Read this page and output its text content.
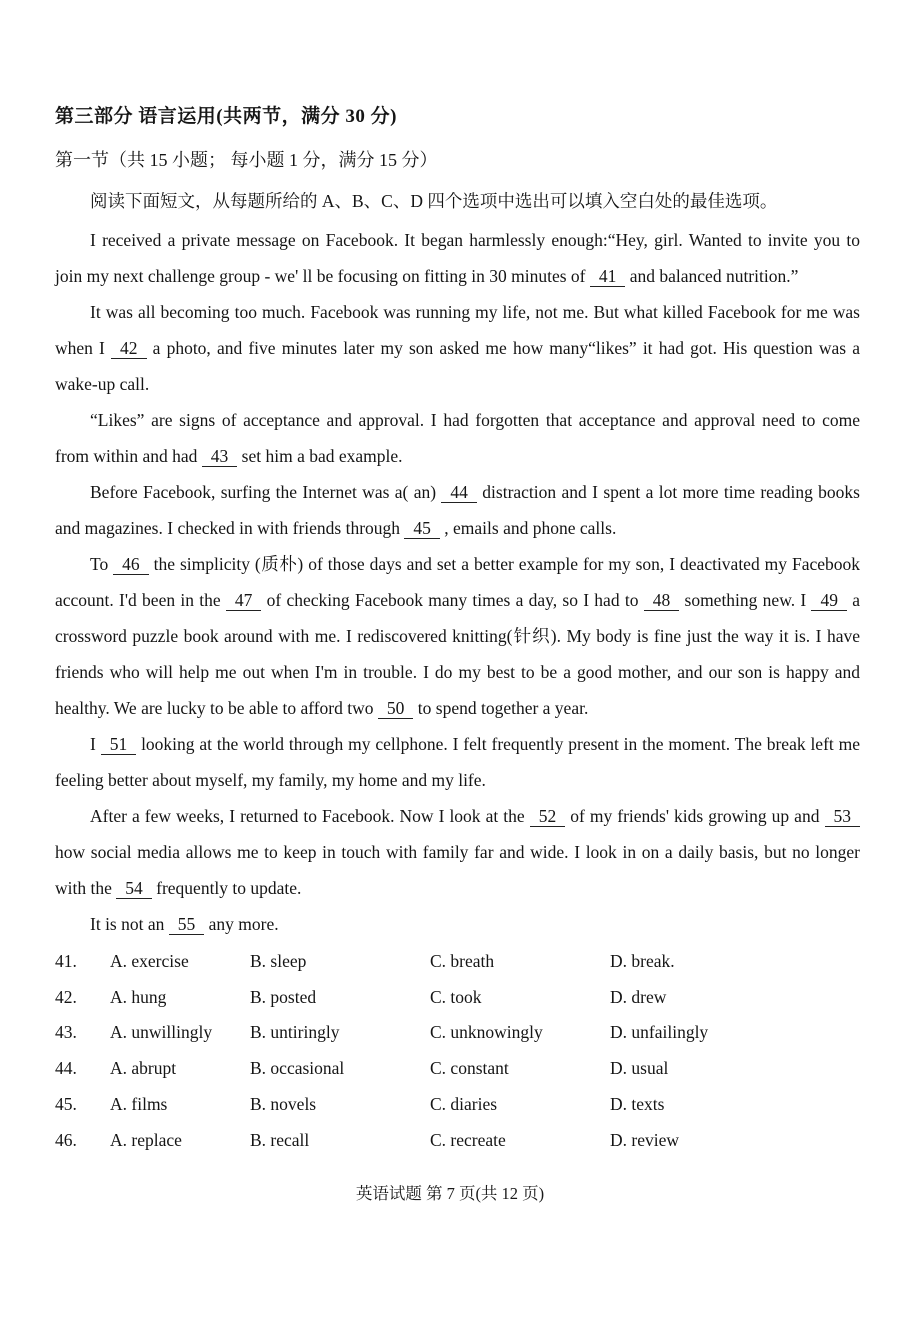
第三部分 语言运用(共两节，满分 30 分)
第一节（共 15 小题； 每小题 1 分，满分 15 分）
阅读下面短文，从每题所给的 A、B、C、D 四个选项中选出可以填入空白处的最佳选项。
I received a private message on Facebook. It began harmlessly enough:“Hey, girl. Wanted to invite you to join my next challenge group - we' ll be focusing on fitting in 30 minutes of 41 and balanced nutrition.”
It was all becoming too much. Facebook was running my life, not me. But what killed Facebook for me was when I 42 a photo, and five minutes later my son asked me how many“likes” it had got. His question was a wake-up call.
“Likes” are signs of acceptance and approval. I had forgotten that acceptance and approval need to come from within and had 43 set him a bad example.
Before Facebook, surfing the Internet was a( an) 44 distraction and I spent a lot more time reading books and magazines. I checked in with friends through 45 , emails and phone calls.
To 46 the simplicity (质朴) of those days and set a better example for my son, I deactivated my Facebook account. I'd been in the 47 of checking Facebook many times a day, so I had to 48 something new. I 49 a crossword puzzle book around with me. I rediscovered knitting(针织). My body is fine just the way it is. I have friends who will help me out when I'm in trouble. I do my best to be a good mother, and our son is happy and healthy. We are lucky to be able to afford two 50 to spend together a year.
I 51 looking at the world through my cellphone. I felt frequently present in the moment. The break left me feeling better about myself, my family, my home and my life.
After a few weeks, I returned to Facebook. Now I look at the 52 of my friends' kids growing up and 53 how social media allows me to keep in touch with family far and wide. I look in on a daily basis, but no longer with the 54 frequently to update.
It is not an 55 any more.
41.	A. exercise	B. sleep	C. breath	D. break.
42.	A. hung	B. posted	C. took	D. drew
43.	A. unwillingly	B. untiringly	C. unknowingly	D. unfailingly
44.	A. abrupt	B. occasional	C. constant	D. usual
45.	A. films	B. novels	C. diaries	D. texts
46.	A. replace	B. recall	C. recreate	D. review
英语试题 第 7 页(共 12 页)
